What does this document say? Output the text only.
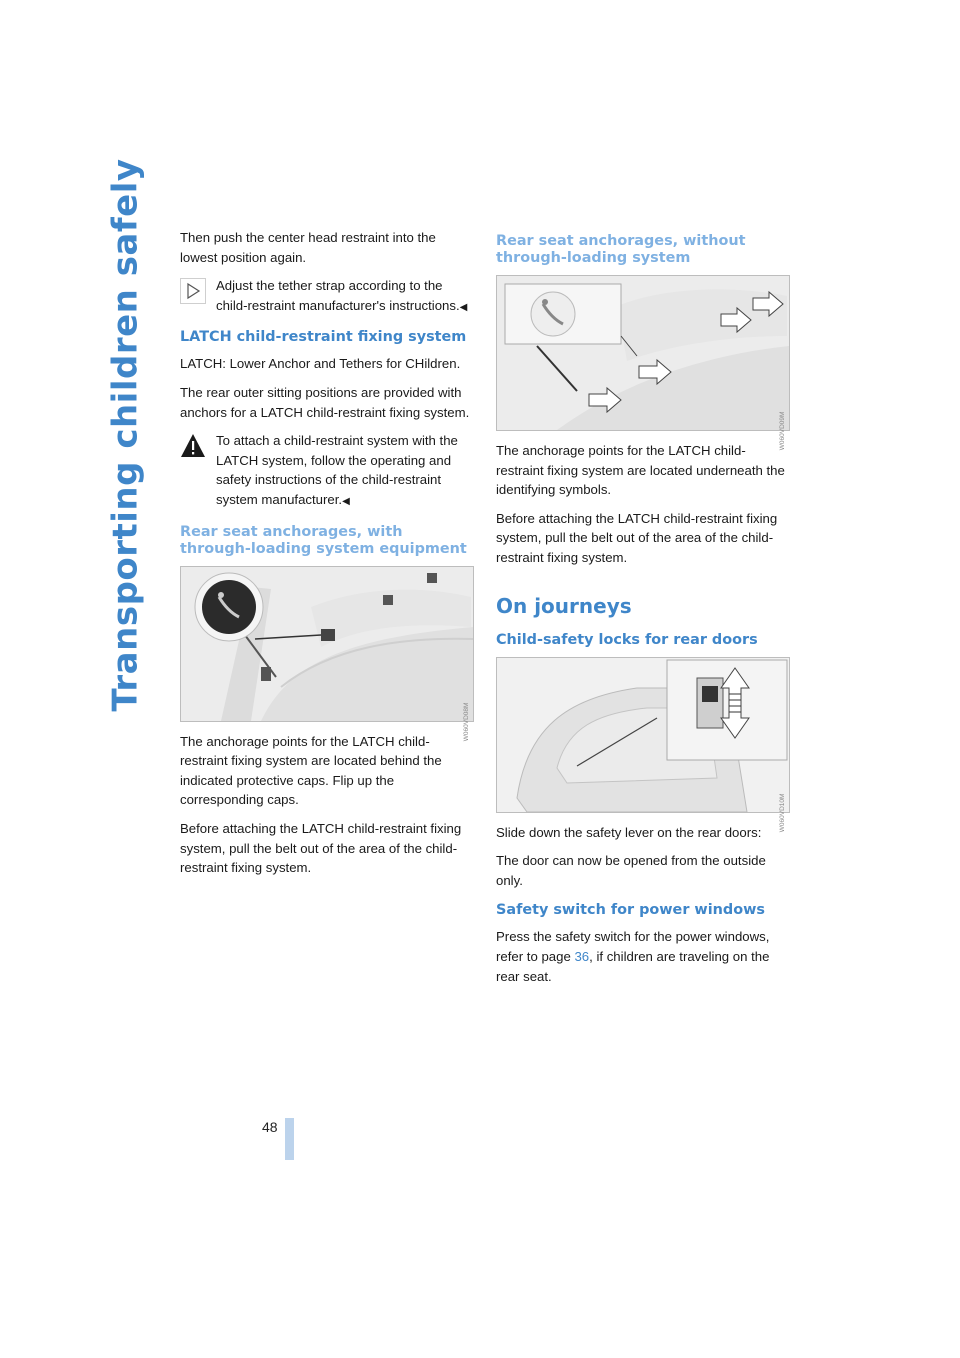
Transporting children safely
48

Then push the center head restraint into the lowest position again.

Adjust the tether strap according to the child-restraint manufacturer's instructions.◀
LATCH child-restraint fixing system

LATCH: Lower Anchor and Tethers for CHildren.

The rear outer sitting positions are provided with anchors for a LATCH child-restraint fixing system.

To attach a child-restraint system with the LATCH system, follow the operating and safety instructions of the child-restraint system manufacturer.◀
Rear seat anchorages, with through-loading system equipment
W060VD08M

The anchorage points for the LATCH child-restraint fixing system are located behind the indicated protective caps. Flip up the corresponding caps.

Before attaching the LATCH child-restraint fixing system, pull the belt out of the area of the child-restraint fixing system.

Rear seat anchorages, without through-loading system
W060VD09M

The anchorage points for the LATCH child-restraint fixing system are located underneath the identifying symbols.

Before attaching the LATCH child-restraint fixing system, pull the belt out of the area of the child-restraint fixing system.

On journeys
Child-safety locks for rear doors
W060VD10M

Slide down the safety lever on the rear doors:

The door can now be opened from the outside only.

Safety switch for power windows

Press the safety switch for the power windows, refer to page 36, if children are traveling on the rear seat.
